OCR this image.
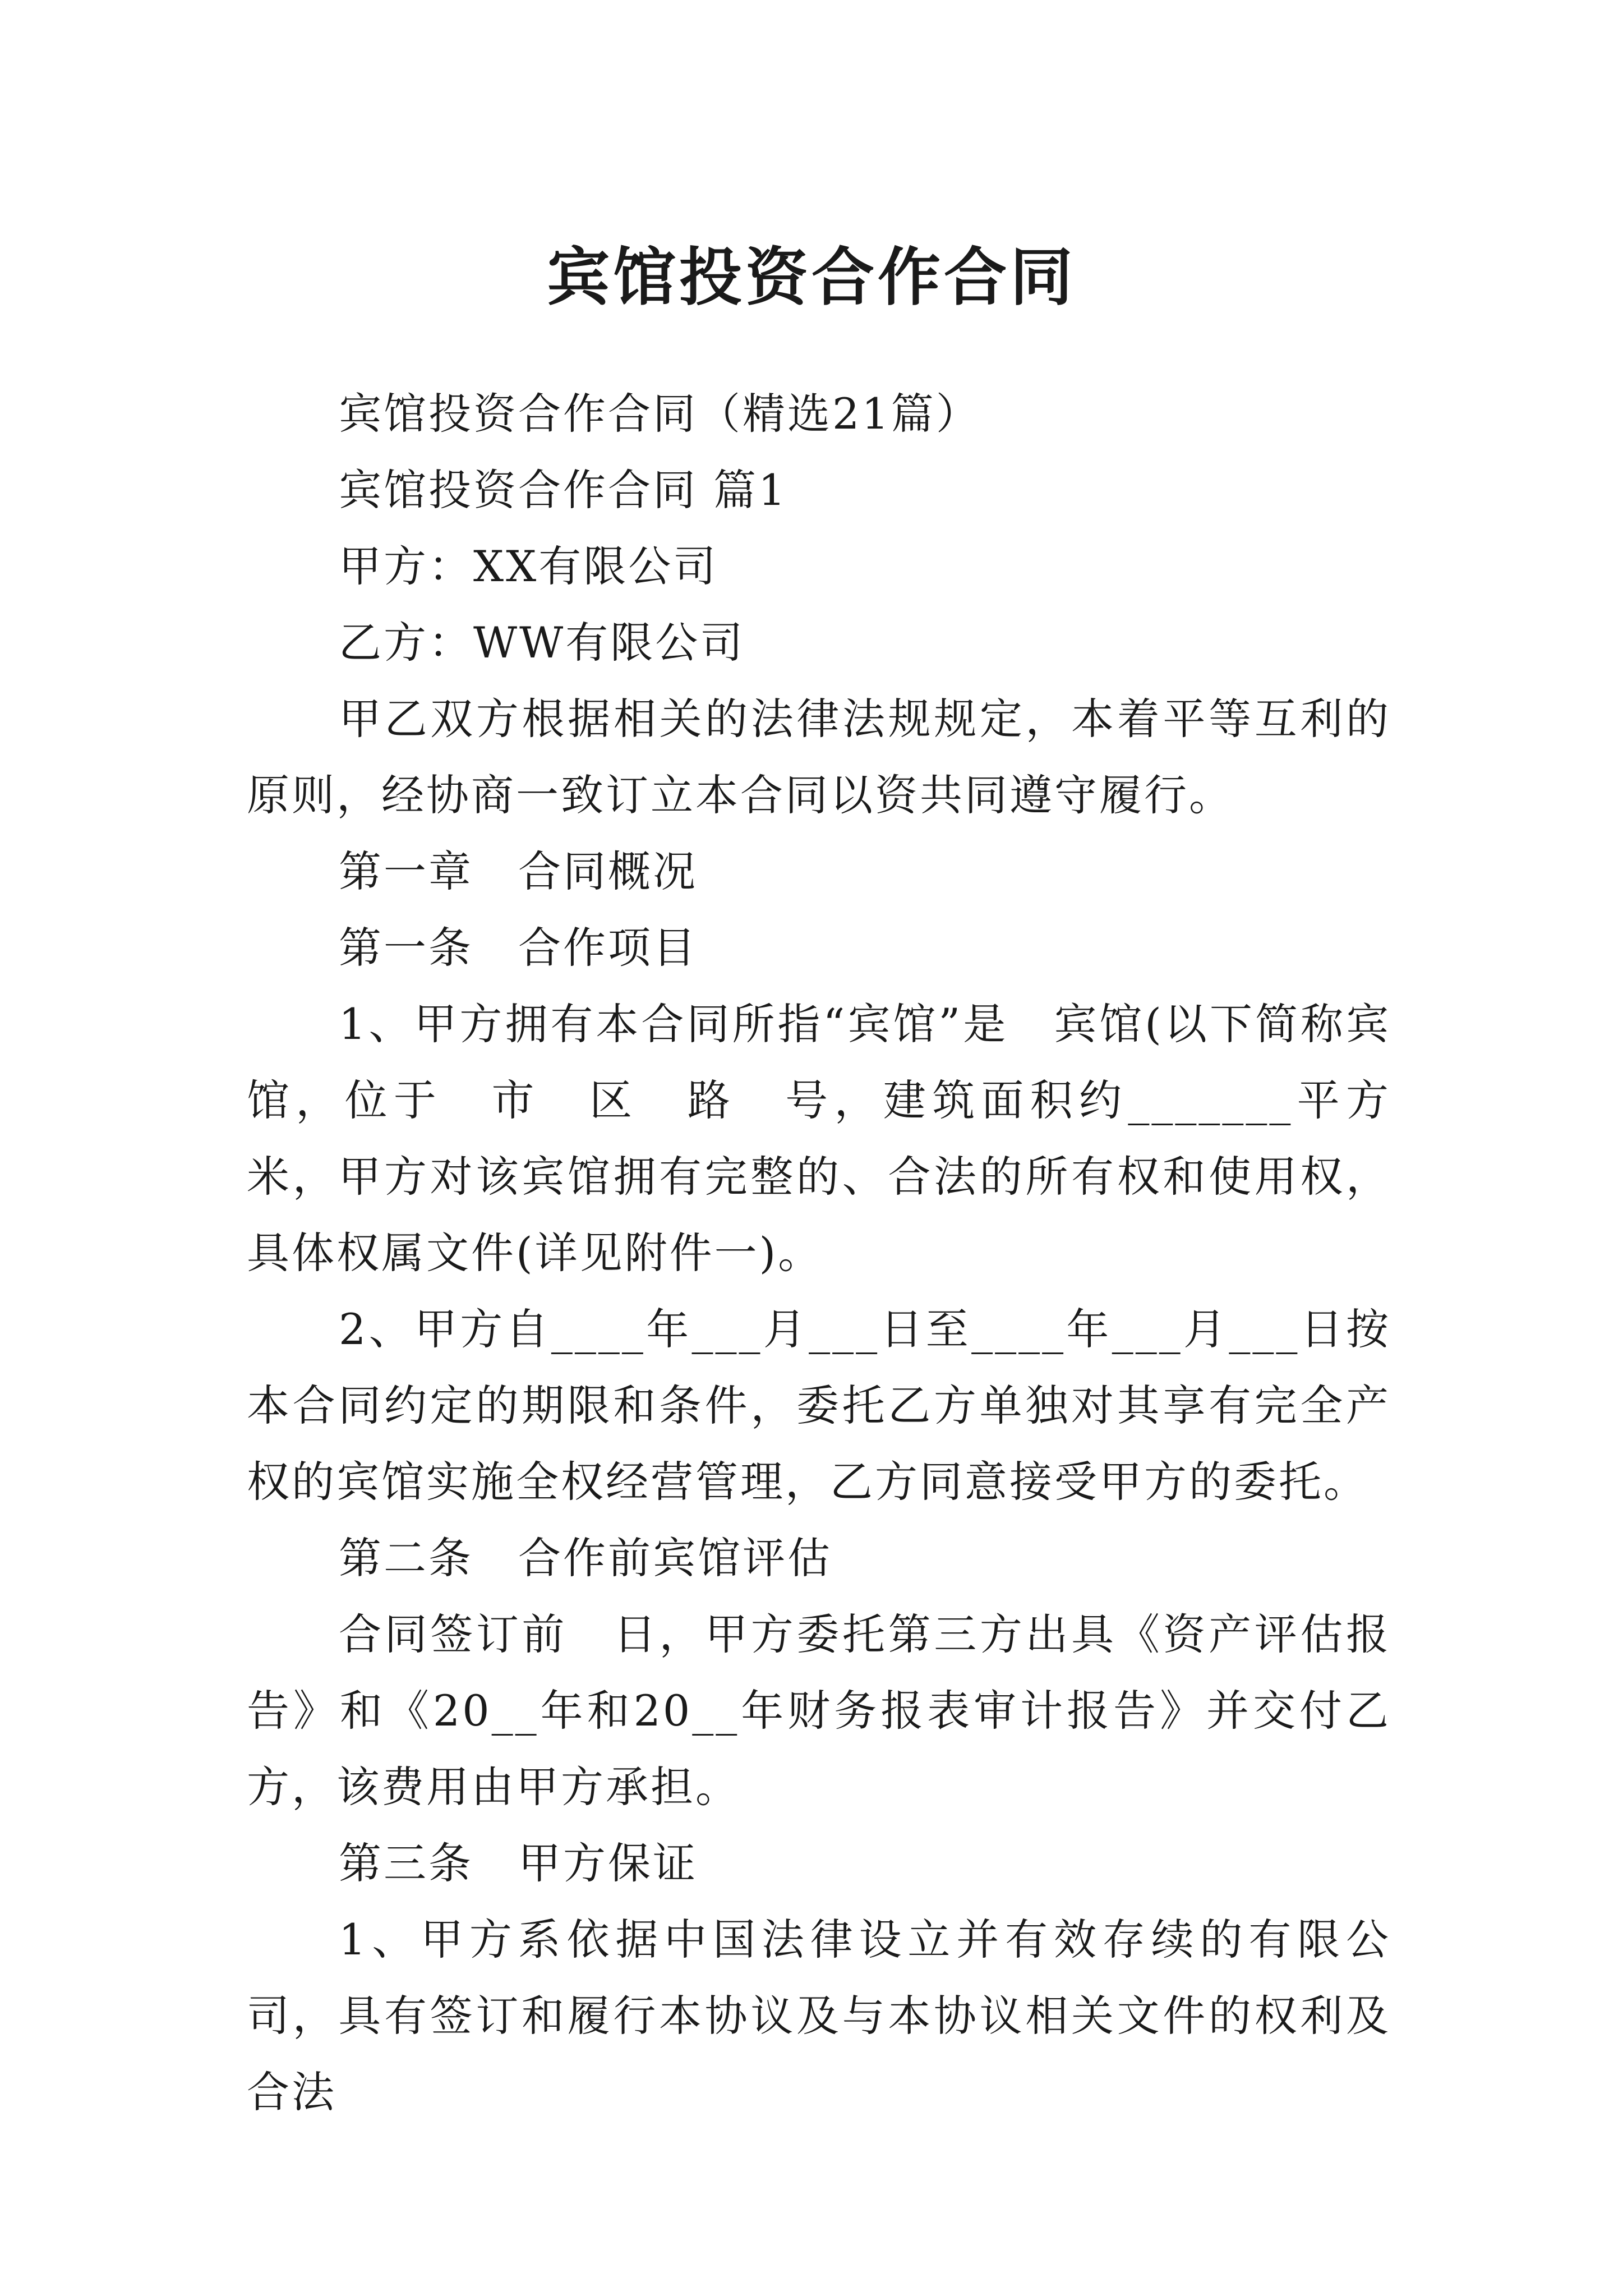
宾馆投资合作合同

宾馆投资合作合同（精选21篇）

宾馆投资合作合同 篇1

甲方：XX有限公司

乙方：WW有限公司

甲乙双方根据相关的法律法规规定，本着平等互利的原则，经协商一致订立本合同以资共同遵守履行。

第一章　合同概况

第一条　合作项目

1、甲方拥有本合同所指“宾馆”是　宾馆(以下简称宾馆，位于　市　区　路　号，建筑面积约_______平方米，甲方对该宾馆拥有完整的、合法的所有权和使用权，具体权属文件(详见附件一)。

2、甲方自____年___月___日至____年___月___日按本合同约定的期限和条件，委托乙方单独对其享有完全产权的宾馆实施全权经营管理，乙方同意接受甲方的委托。

第二条　合作前宾馆评估

合同签订前　日，甲方委托第三方出具《资产评估报告》和《20__年和20__年财务报表审计报告》并交付乙方，该费用由甲方承担。

第三条　甲方保证

1、甲方系依据中国法律设立并有效存续的有限公司，具有签订和履行本协议及与本协议相关文件的权利及合法
